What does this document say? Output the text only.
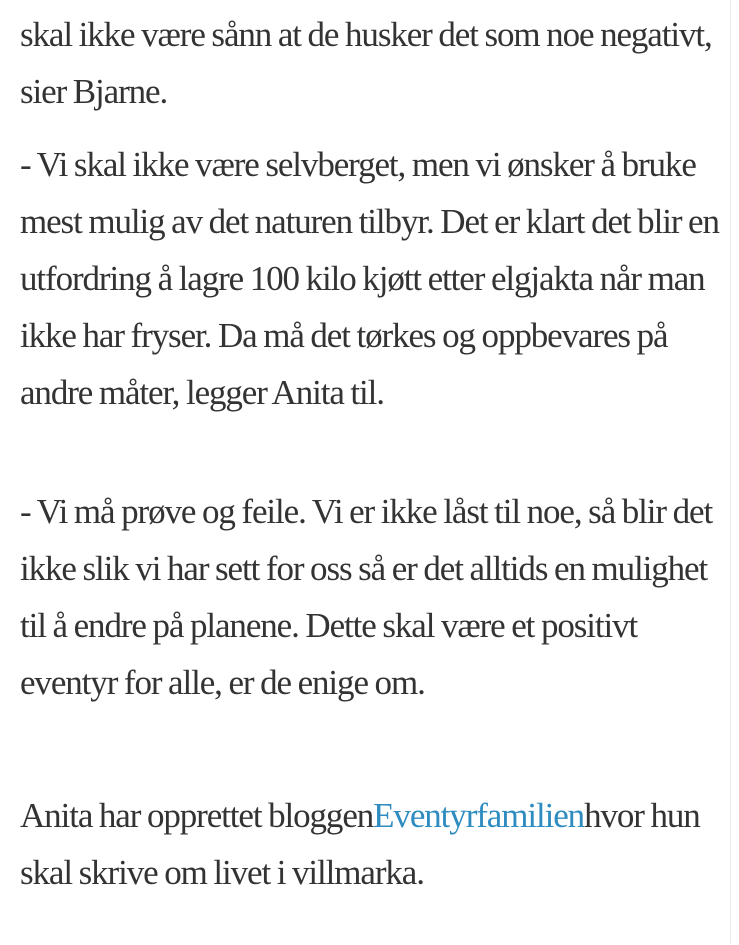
skal ikke være sånn at de husker det som noe negativt, sier Bjarne.

- Vi skal ikke være selvberget, men vi ønsker å bruke mest mulig av det naturen tilbyr. Det er klart det blir en utfordring å lagre 100 kilo kjøtt etter elgjakta når man ikke har fryser. Da må det tørkes og oppbevares på andre måter, legger Anita til.

- Vi må prøve og feile. Vi er ikke låst til noe, så blir det ikke slik vi har sett for oss så er det alltids en mulighet til å endre på planene. Dette skal være et positivt eventyr for alle, er de enige om.

Anita har opprettet bloggenEventyrfamilienhvor hun skal skrive om livet i villmarka.
